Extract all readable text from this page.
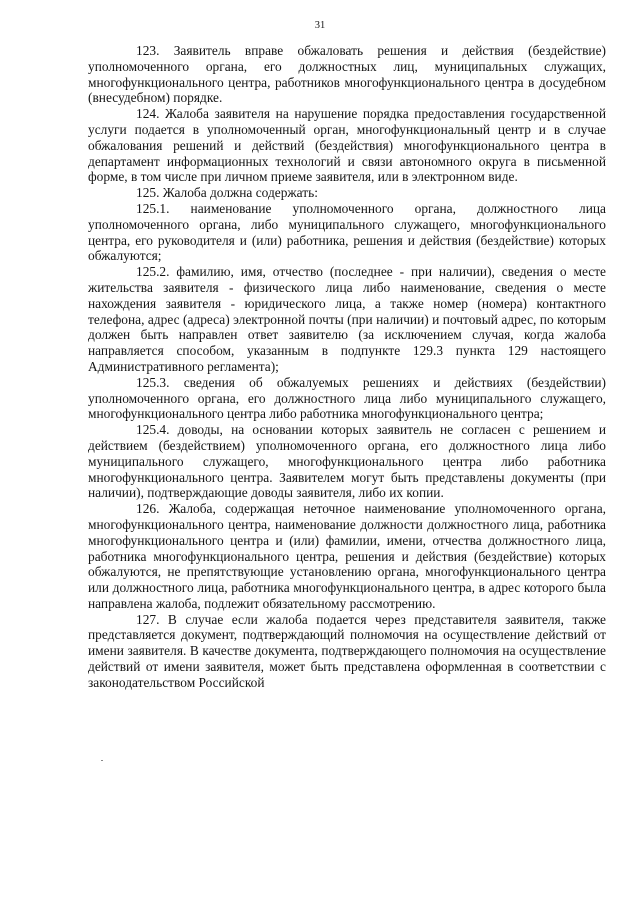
31

123. Заявитель вправе обжаловать решения и действия (бездействие) уполномоченного органа, его должностных лиц, муниципальных служащих, многофункционального центра, работников многофункционального центра в досудебном (внесудебном) порядке.

124. Жалоба заявителя на нарушение порядка предоставления государственной услуги подается в уполномоченный орган, многофункциональный центр и в случае обжалования решений и действий (бездействия) многофункционального центра в департамент информационных технологий и связи автономного округа в письменной форме, в том числе при личном приеме заявителя, или в электронном виде.

125. Жалоба должна содержать:

125.1. наименование уполномоченного органа, должностного лица уполномоченного органа, либо муниципального служащего, многофункционального центра, его руководителя и (или) работника, решения и действия (бездействие) которых обжалуются;

125.2. фамилию, имя, отчество (последнее - при наличии), сведения о месте жительства заявителя - физического лица либо наименование, сведения о месте нахождения заявителя - юридического лица, а также номер (номера) контактного телефона, адрес (адреса) электронной почты (при наличии) и почтовый адрес, по которым должен быть направлен ответ заявителю (за исключением случая, когда жалоба направляется способом, указанным в подпункте 129.3 пункта 129 настоящего Административного регламента);

125.3. сведения об обжалуемых решениях и действиях (бездействии) уполномоченного органа, его должностного лица либо муниципального служащего, многофункционального центра либо работника многофункционального центра;

125.4. доводы, на основании которых заявитель не согласен с решением и действием (бездействием) уполномоченного органа, его должностного лица либо муниципального служащего, многофункционального центра либо работника многофункционального центра. Заявителем могут быть представлены документы (при наличии), подтверждающие доводы заявителя, либо их копии.

126. Жалоба, содержащая неточное наименование уполномоченного органа, многофункционального центра, наименование должности должностного лица, работника многофункционального центра и (или) фамилии, имени, отчества должностного лица, работника многофункционального центра, решения и действия (бездействие) которых обжалуются, не препятствующие установлению органа, многофункционального центра или должностного лица, работника многофункционального центра, в адрес которого была направлена жалоба, подлежит обязательному рассмотрению.

127. В случае если жалоба подается через представителя заявителя, также представляется документ, подтверждающий полномочия на осуществление действий от имени заявителя. В качестве документа, подтверждающего полномочия на осуществление действий от имени заявителя, может быть представлена оформленная в соответствии с законодательством Российской
